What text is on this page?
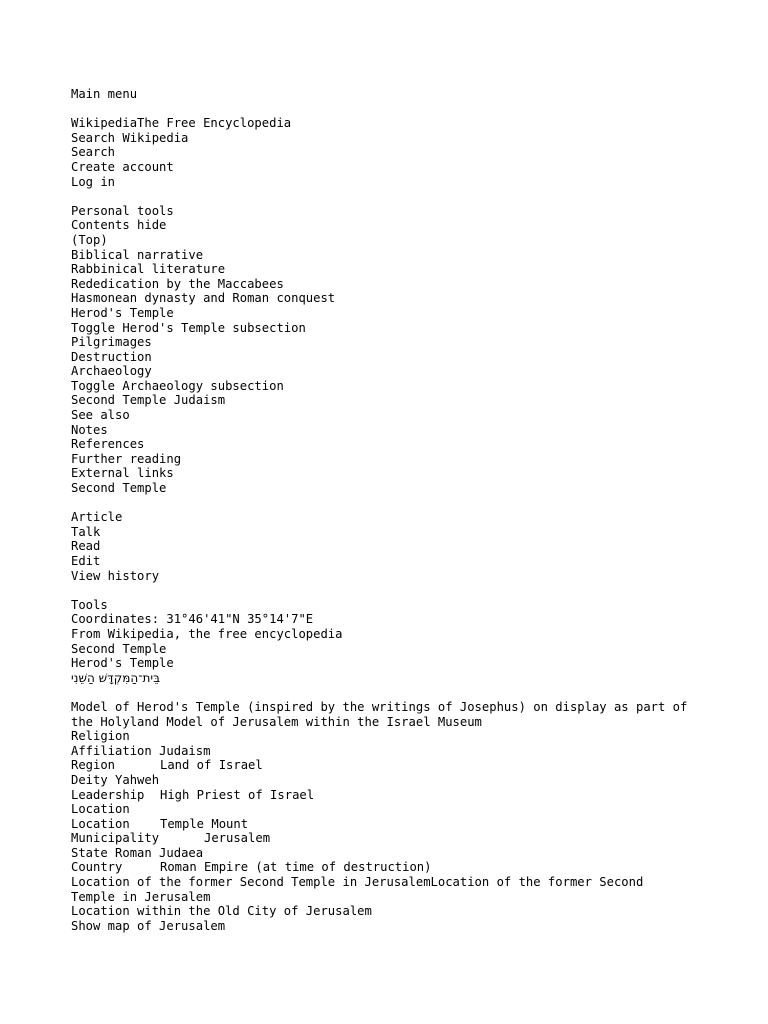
Main menu
WikipediaThe Free Encyclopedia
Search Wikipedia
Search
Create account
Log in
Personal tools
Contents hide
(Top)
Biblical narrative
Rabbinical literature
Rededication by the Maccabees
Hasmonean dynasty and Roman conquest
Herod's Temple
Toggle Herod's Temple subsection
Pilgrimages
Destruction
Archaeology
Toggle Archaeology subsection
Second Temple Judaism
See also
Notes
References
Further reading
External links
Second Temple
Article
Talk
Read
Edit
View history
Tools
Coordinates: 31°46'41"N 35°14'7"E
From Wikipedia, the free encyclopedia
Second Temple
Herod's Temple
בֵּית־הַמִּקְדָּשׁ הַשֵּׁנִי
Model of Herod's Temple (inspired by the writings of Josephus) on display as part of the Holyland Model of Jerusalem within the Israel Museum
Religion
Affiliation Judaism
Region	Land of Israel
Deity Yahweh
Leadership High Priest of Israel
Location
Location Temple Mount
Municipality	Jerusalem
State Roman Judaea
Country	Roman Empire (at time of destruction)
Location of the former Second Temple in JerusalemLocation of the former Second Temple in Jerusalem
Location within the Old City of Jerusalem
Show map of Jerusalem
